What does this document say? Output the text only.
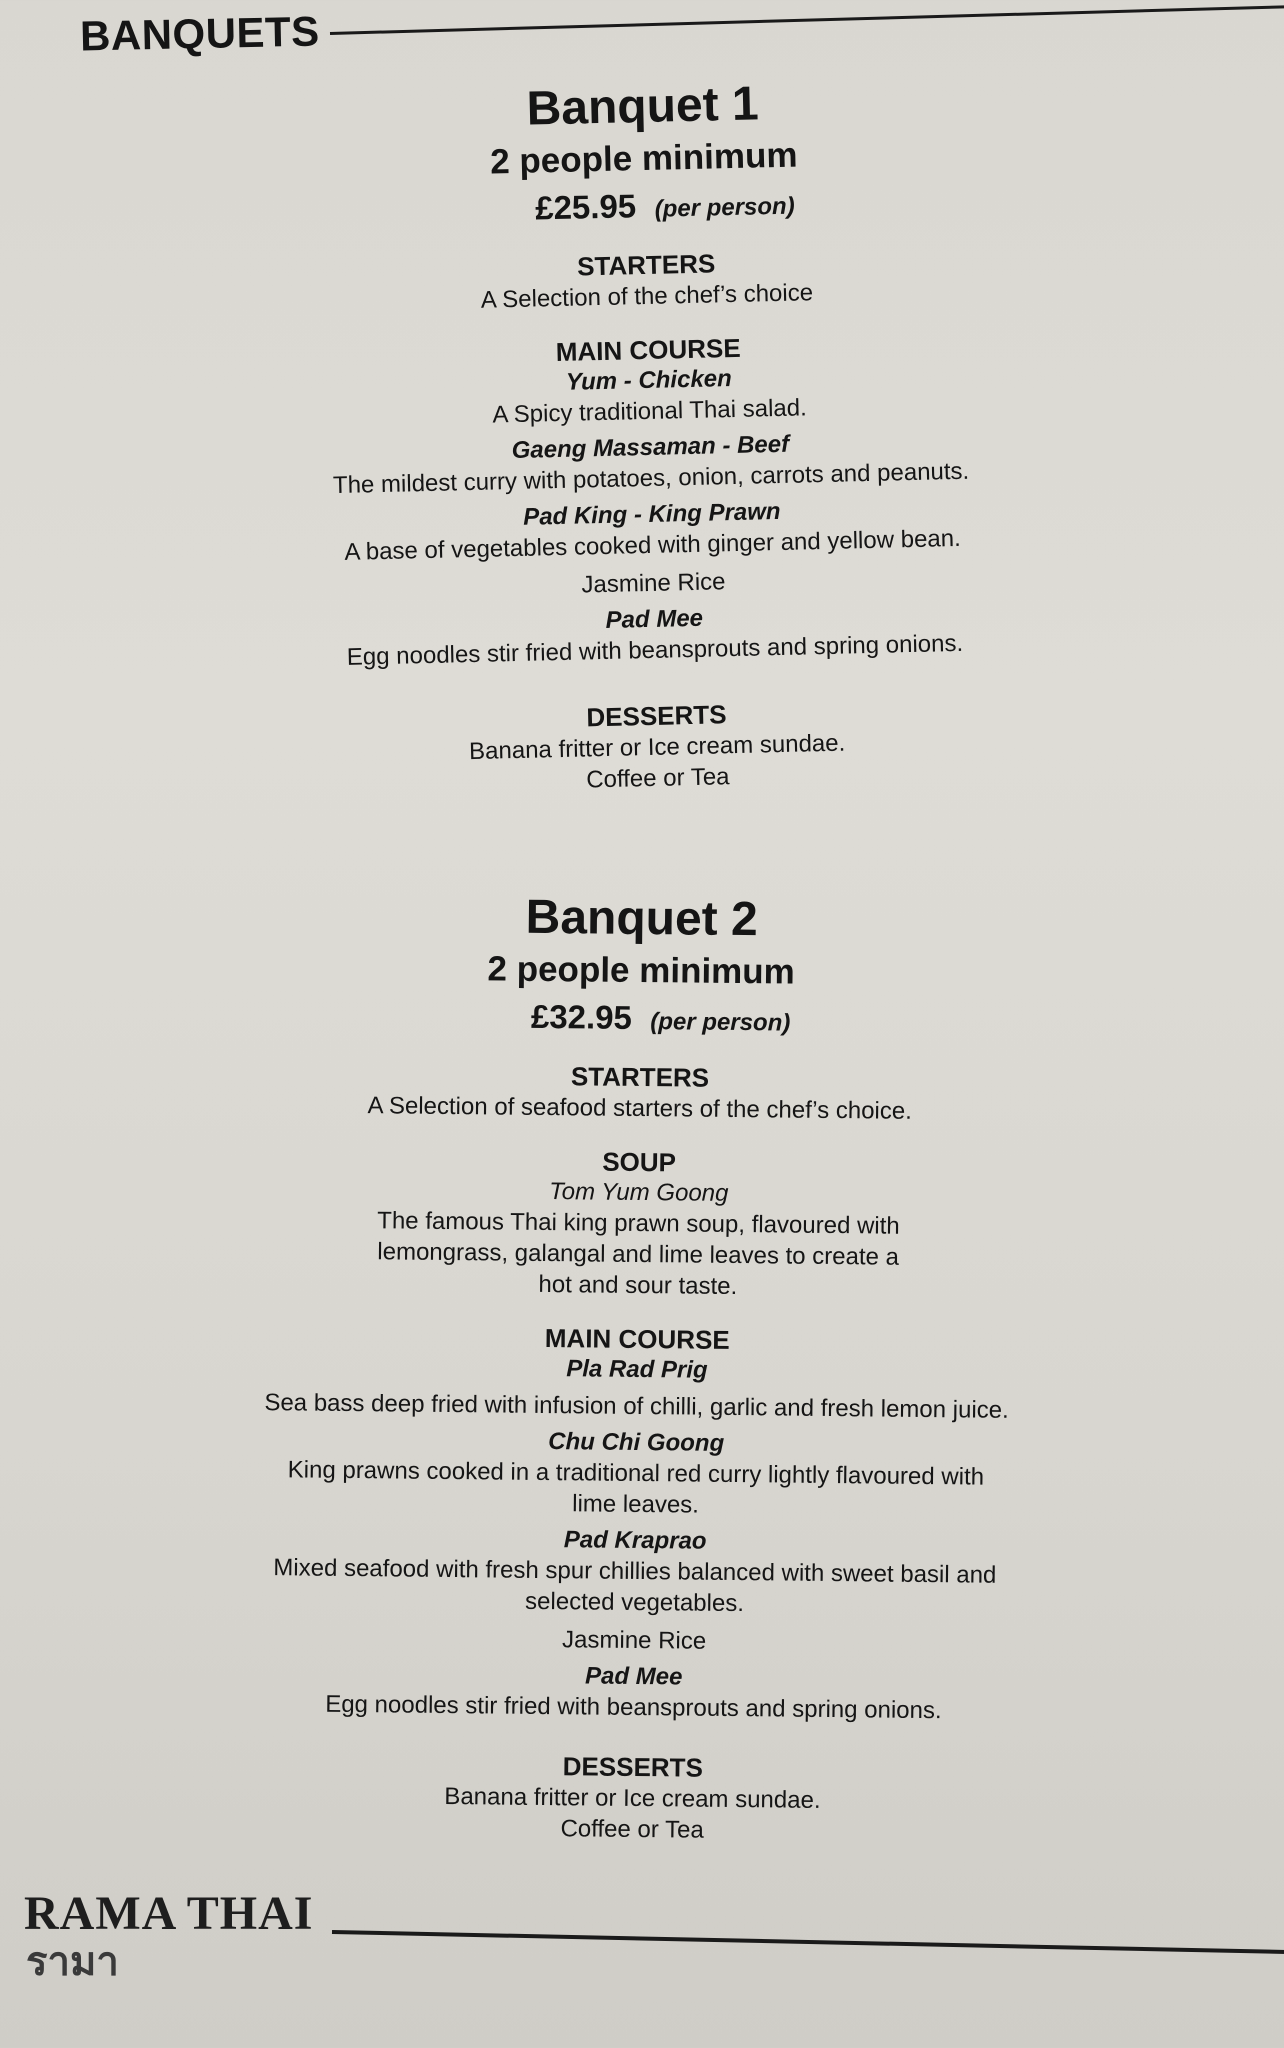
BANQUETS
Banquet 1
2 people minimum
£25.95 (per person)
STARTERS
A Selection of the chef’s choice
MAIN COURSE
Yum - Chicken
A Spicy traditional Thai salad.
Gaeng Massaman - Beef
The mildest curry with potatoes, onion, carrots and peanuts.
Pad King - King Prawn
A base of vegetables cooked with ginger and yellow bean.
Jasmine Rice
Pad Mee
Egg noodles stir fried with beansprouts and spring onions.
DESSERTS
Banana fritter or Ice cream sundae.
Coffee or Tea
Banquet 2
2 people minimum
£32.95 (per person)
STARTERS
A Selection of seafood starters of the chef’s choice.
SOUP
Tom Yum Goong
The famous Thai king prawn soup, flavoured with lemongrass, galangal and lime leaves to create a hot and sour taste.
MAIN COURSE
Pla Rad Prig
Sea bass deep fried with infusion of chilli, garlic and fresh lemon juice.
Chu Chi Goong
King prawns cooked in a traditional red curry lightly flavoured with lime leaves.
Pad Kraprao
Mixed seafood with fresh spur chillies balanced with sweet basil and selected vegetables.
Jasmine Rice
Pad Mee
Egg noodles stir fried with beansprouts and spring onions.
DESSERTS
Banana fritter or Ice cream sundae.
Coffee or Tea
RAMA THAI
รามา
